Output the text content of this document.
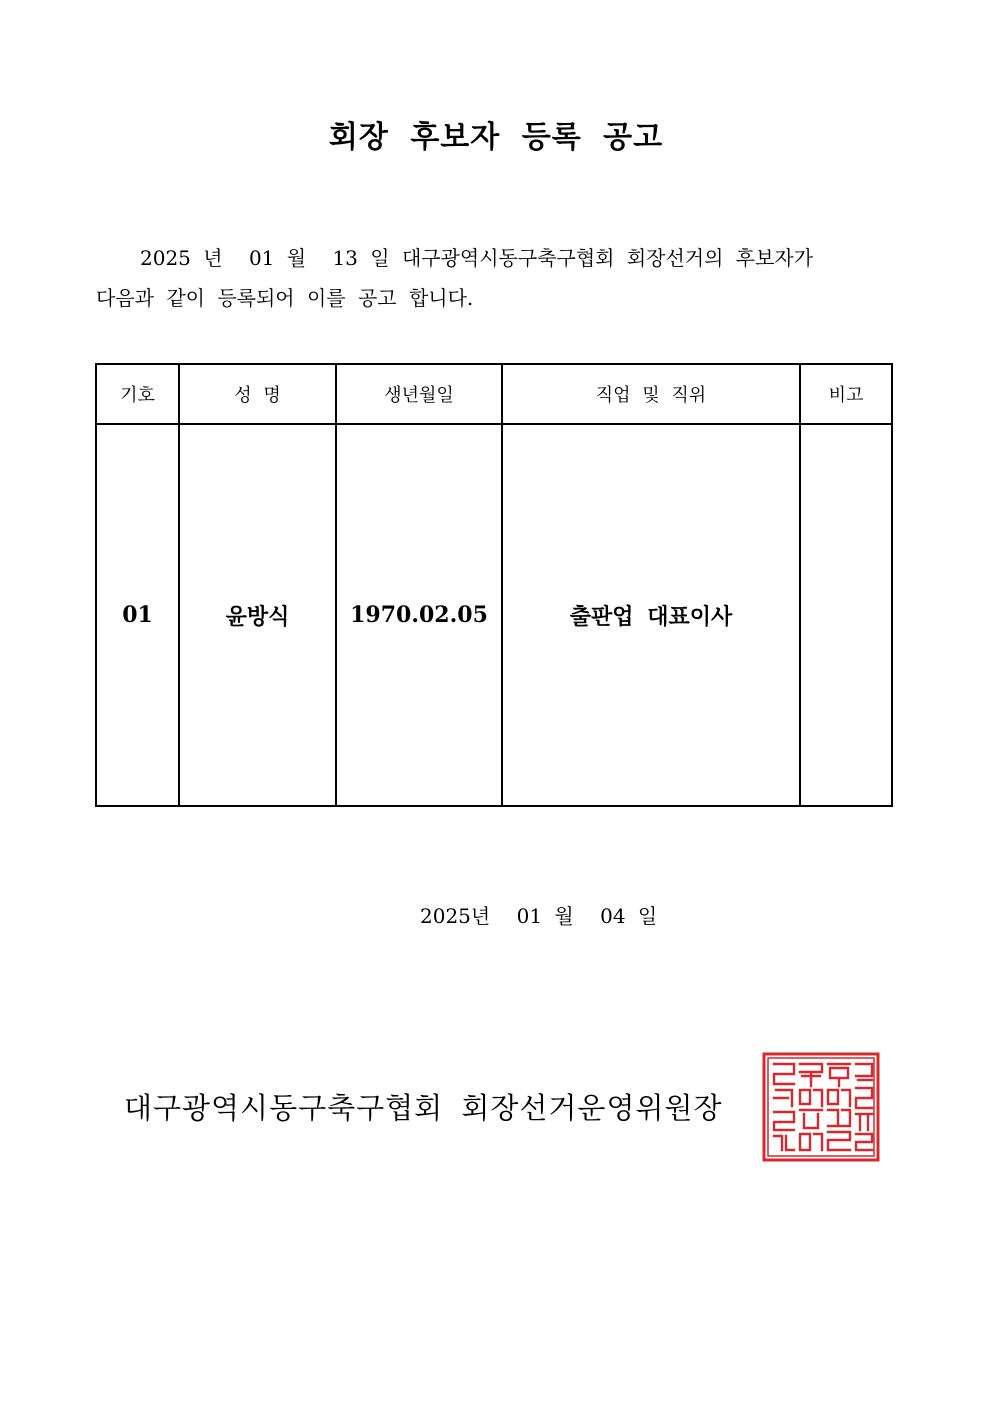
회장 후보자 등록 공고
2025 년 01 월 13 일 대구광역시동구축구협회 회장선거의 후보자가
다음과 같이 등록되어 이를 공고 합니다.
기호	성 명	생년월일	직업 및 직위	비고
01	윤방식	1970.02.05	출판업 대표이사	
2025년 01 월 04 일
대구광역시동구축구협회 회장선거운영위원장
